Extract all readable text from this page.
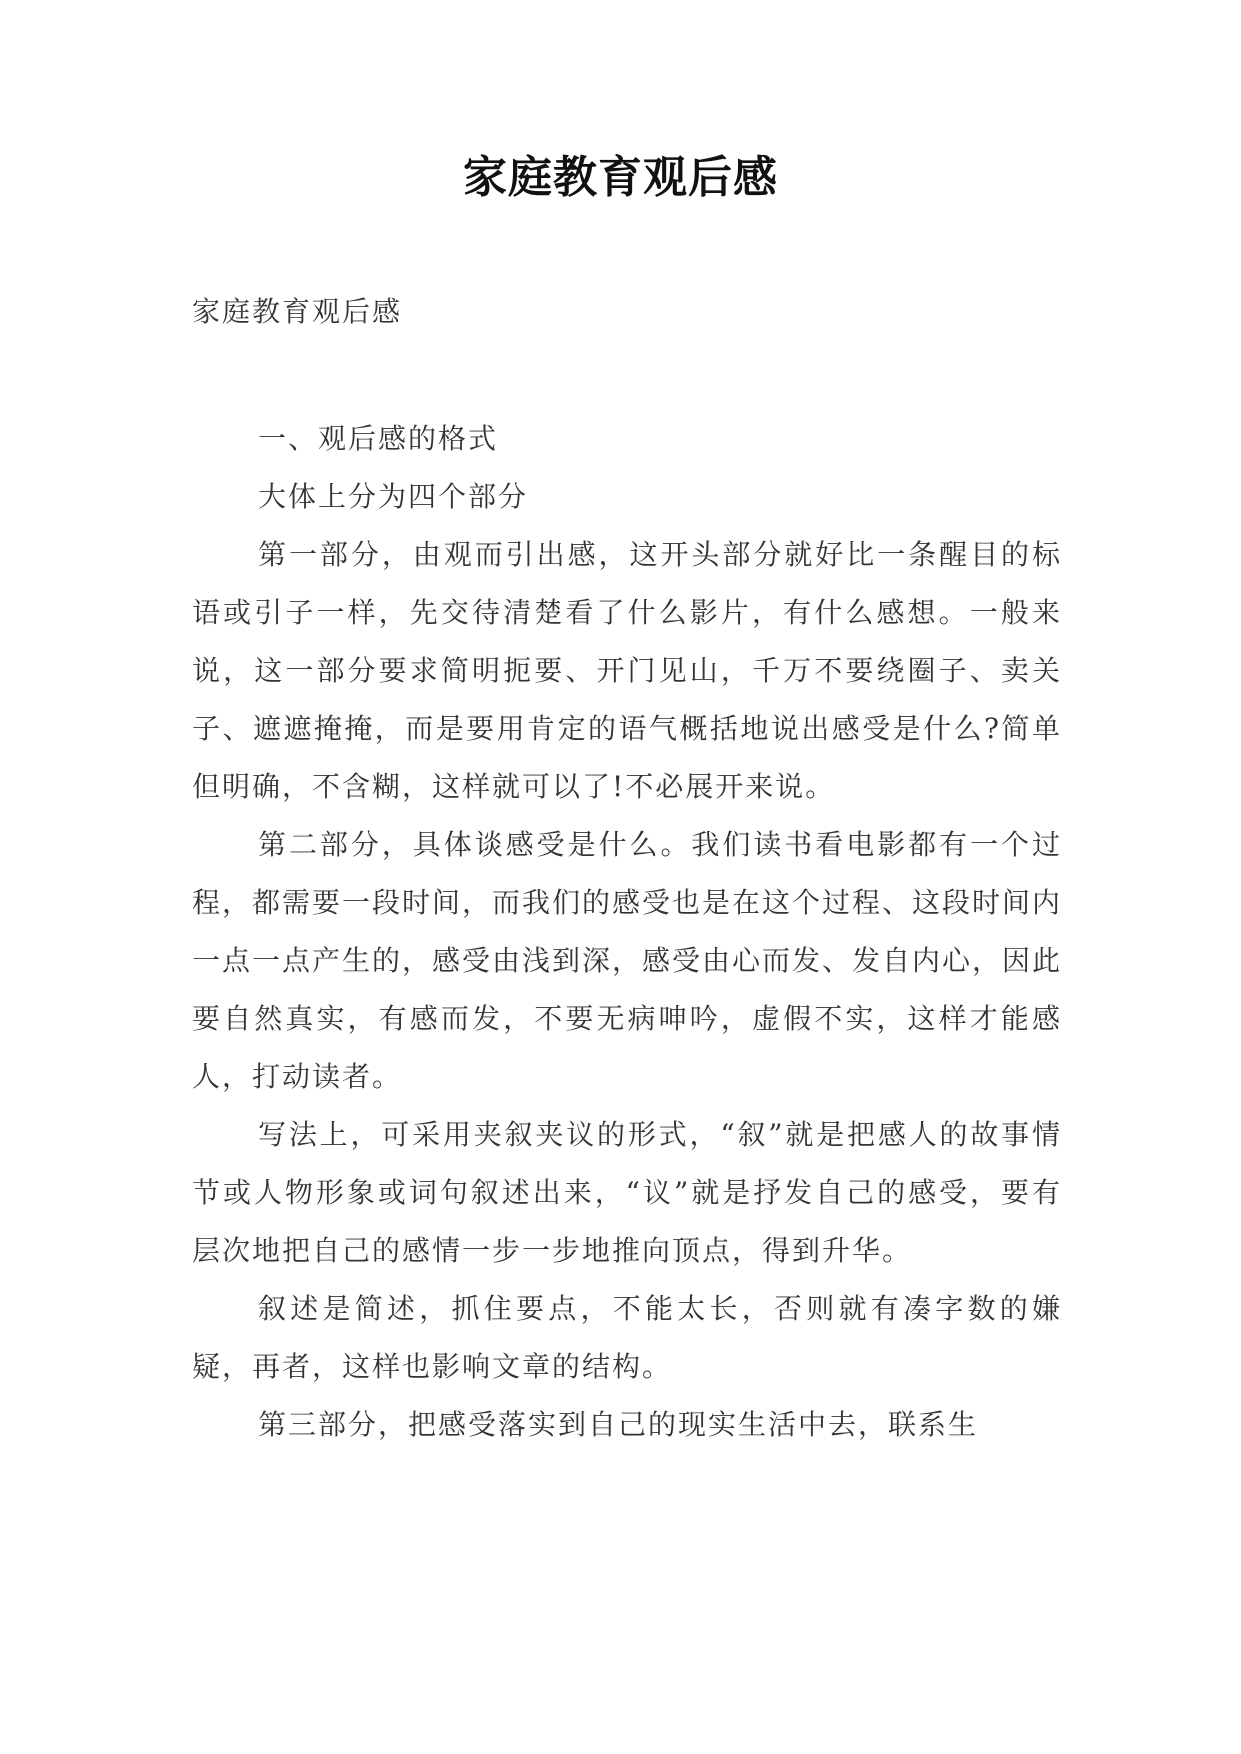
家庭教育观后感
家庭教育观后感

一、观后感的格式

大体上分为四个部分

第一部分，由观而引出感，这开头部分就好比一条醒目的标语或引子一样，先交待清楚看了什么影片，有什么感想。一般来说，这一部分要求简明扼要、开门见山，千万不要绕圈子、卖关子、遮遮掩掩，而是要用肯定的语气概括地说出感受是什么?简单但明确，不含糊，这样就可以了!不必展开来说。

第二部分，具体谈感受是什么。我们读书看电影都有一个过程，都需要一段时间，而我们的感受也是在这个过程、这段时间内一点一点产生的，感受由浅到深，感受由心而发、发自内心，因此要自然真实，有感而发，不要无病呻吟，虚假不实，这样才能感人，打动读者。

写法上，可采用夹叙夹议的形式，“叙”就是把感人的故事情节或人物形象或词句叙述出来，“议”就是抒发自己的感受，要有层次地把自己的感情一步一步地推向顶点，得到升华。

叙述是简述，抓住要点，不能太长，否则就有凑字数的嫌疑，再者，这样也影响文章的结构。

第三部分，把感受落实到自己的现实生活中去，联系生
